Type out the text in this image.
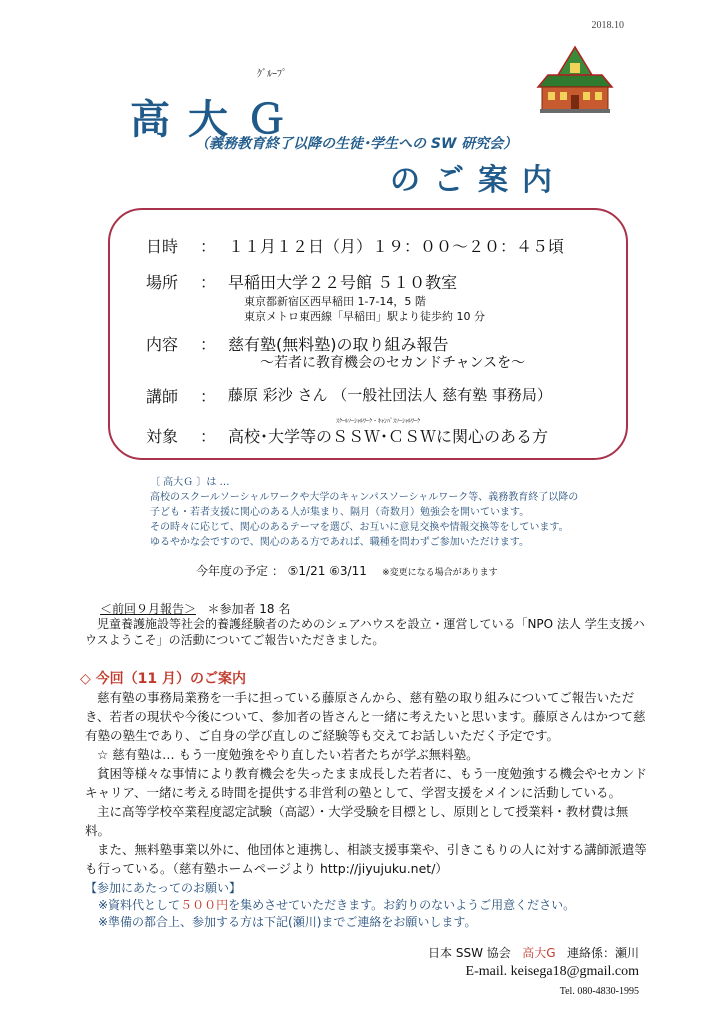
2018.10
ｸﾞﾙｰﾌﾟ
高大Ｇ
（義務教育終了以降の生徒･学生への SW 研究会）
のご案内
日時 ： １１月１２日（月）１９：００〜２０：４５頃
場所 ： 早稲田大学２２号館 ５１０教室
東京都新宿区西早稲田 1-7-14，5 階
東京メトロ東西線「早稲田」駅より徒歩約 10 分
内容 ： 慈有塾(無料塾)の取り組み報告
〜若者に教育機会のセカンドチャンスを〜
講師 ： 藤原 彩沙 さん （一般社団法人 慈有塾 事務局）
ｽｸｰﾙｿｰｼｬﾙﾜｰｸ・ｷｬﾝﾊﾟｽｿｰｼｬﾙﾜｰｸ
対象 ： 高校･大学等のＳＳＷ･ＣＳＷに関心のある方

〔 高大Ｇ 〕は …

高校のスクールソーシャルワークや大学のキャンパスソーシャルワーク等、義務教育終了以降の

子ども・若者支援に関心のある人が集まり、隔月（奇数月）勉強会を開いています。

その時々に応じて、関心のあるテーマを選び、お互いに意見交換や情報交換等をしています。

ゆるやかな会ですので、関心のある方であれば、職種を問わずご参加いただけます。

今年度の予定 ： ⑤1/21 ⑥3/11 ※変更になる場合があります
＜前回９月報告＞ ＊参加者 18 名

児童養護施設等社会的養護経験者のためのシェアハウスを設立・運営している「NPO 法人 学生支援ハウスようこそ」の活動についてご報告いただきました。

◇ 今回（11 月）のご案内

慈有塾の事務局業務を一手に担っている藤原さんから、慈有塾の取り組みについてご報告いただき、若者の現状や今後について、参加者の皆さんと一緒に考えたいと思います。藤原さんはかつて慈有塾の塾生であり、ご自身の学び直しのご経験等も交えてお話しいただく予定です。

☆ 慈有塾は… もう一度勉強をやり直したい若者たちが学ぶ無料塾。

貧困等様々な事情により教育機会を失ったまま成長した若者に、もう一度勉強する機会やセカンドキャリア、一緒に考える時間を提供する非営利の塾として、学習支援をメインに活動している。

主に高等学校卒業程度認定試験（高認）・大学受験を目標とし、原則として授業料・教材費は無料。

また、無料塾事業以外に、他団体と連携し、相談支援事業や、引きこもりの人に対する講師派遣等も行っている。（慈有塾ホームページより http://jiyujuku.net/）

【参加にあたってのお願い】
※資料代として５００円を集めさせていただきます。お釣りのないようご用意ください。
※準備の都合上、参加する方は下記(瀬川)までご連絡をお願いします。
日本 SSW 協会 高大G 連絡係：瀬川
E-mail. keisega18@gmail.com
Tel. 080-4830-1995
